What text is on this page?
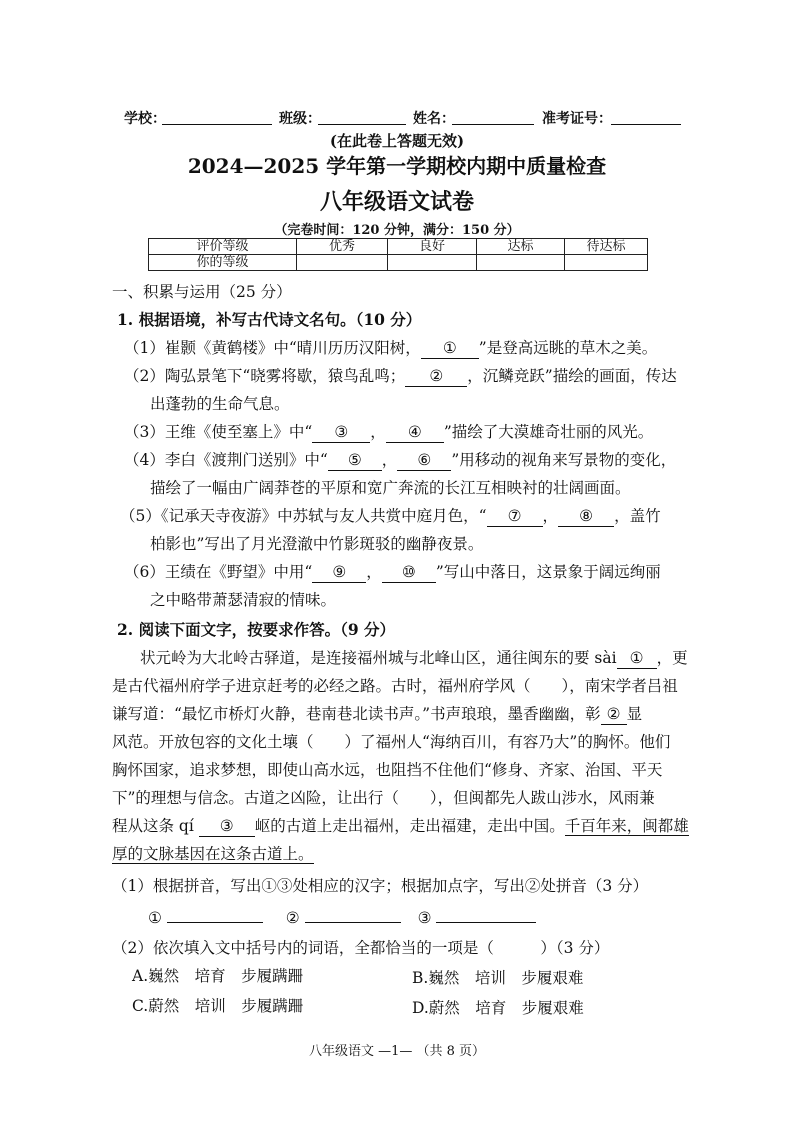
学校：	班级：	姓名：	准考证号：
(在此卷上答题无效)
2024—2025 学年第一学期校内期中质量检查
八年级语文试卷
（完卷时间：120 分钟，满分：150 分）
评价等级	优秀	良好	达标	待达标
你的等级				
一、积累与运用（25 分）
1. 根据语境，补写古代诗文名句。（10 分）
（1）崔颢《黄鹤楼》中“晴川历历汉阳树， ① ”是登高远眺的草木之美。
（2）陶弘景笔下“晓雾将歇，猿鸟乱鸣； ② ，沉鳞竞跃”描绘的画面，传达
出蓬勃的生命气息。
（3）王维《使至塞上》中“ ③ ， ④ ”描绘了大漠雄奇壮丽的风光。
（4）李白《渡荆门送别》中“ ⑤ ， ⑥ ”用移动的视角来写景物的变化，
描绘了一幅由广阔莽苍的平原和宽广奔流的长江互相映衬的壮阔画面。
（5）《记承天寺夜游》中苏轼与友人共赏中庭月色，“ ⑦ ， ⑧ ，盖竹
柏影也”写出了月光澄澈中竹影斑驳的幽静夜景。
（6）王绩在《野望》中用“ ⑨ ， ⑩ ”写山中落日，这景象于阔远绚丽
之中略带萧瑟清寂的情味。
2. 阅读下面文字，按要求作答。（9 分）
状元岭为大北岭古驿道，是连接福州城与北峰山区，通往闽东的要 sài ① ，更
是古代福州府学子进京赶考的必经之路。古时，福州府学风（　　），南宋学者吕祖
谦写道：“最忆市桥灯火静，巷南巷北读书声。”书声琅琅，墨香幽幽，彰 ② 显
风范。开放包容的文化土壤（　　）了福州人“海纳百川，有容乃大”的胸怀。他们
胸怀国家，追求梦想，即使山高水远，也阻挡不住他们“修身、齐家、治国、平天
下”的理想与信念。古道之凶险，让出行（　　），但闽都先人跋山涉水，风雨兼
程从这条 qí ③ 岖的古道上走出福州，走出福建，走出中国。千百年来，闽都雄
厚的文脉基因在这条古道上。
（1）根据拼音，写出①③处相应的汉字；根据加点字，写出②处拼音（3 分）
①	②	③
（2）依次填入文中括号内的词语，全都恰当的一项是（　　　）（3 分）
A.巍然　培育　步履蹒跚	B.巍然　培训　步履艰难
C.蔚然　培训　步履蹒跚	D.蔚然　培育　步履艰难
八年级语文 —1— （共 8 页）
